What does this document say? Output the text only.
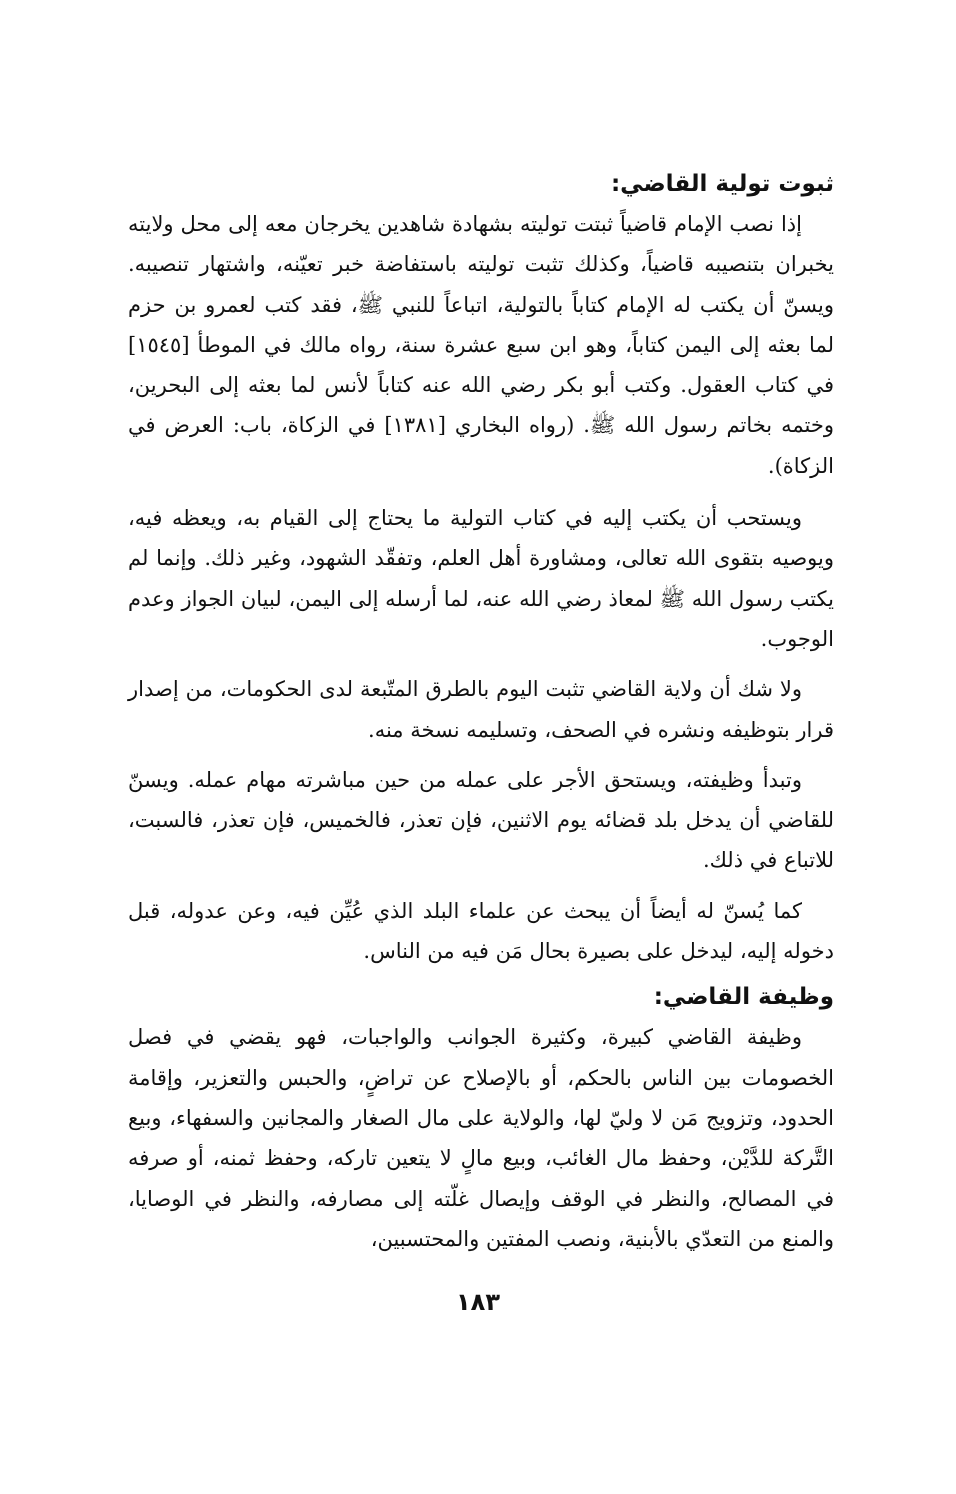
ثبوت تولية القاضي:

إذا نصب الإمام قاضياً ثبتت توليته بشهادة شاهدين يخرجان معه إلى محل ولايته يخبران بتنصيبه قاضياً، وكذلك تثبت توليته باستفاضة خبر تعيّنه، واشتهار تنصيبه. ويسنّ أن يكتب له الإمام كتاباً بالتولية، اتباعاً للنبي ﷺ، فقد كتب لعمرو بن حزم لما بعثه إلى اليمن كتاباً، وهو ابن سبع عشرة سنة، رواه مالك في الموطأ [١٥٤٥] في كتاب العقول. وكتب أبو بكر رضي الله عنه كتاباً لأنس لما بعثه إلى البحرين، وختمه بخاتم رسول الله ﷺ. (رواه البخاري [١٣٨١] في الزكاة، باب: العرض في الزكاة).

ويستحب أن يكتب إليه في كتاب التولية ما يحتاج إلى القيام به، ويعظه فيه، ويوصيه بتقوى الله تعالى، ومشاورة أهل العلم، وتفقّد الشهود، وغير ذلك. وإنما لم يكتب رسول الله ﷺ لمعاذ رضي الله عنه، لما أرسله إلى اليمن، لبيان الجواز وعدم الوجوب.

ولا شك أن ولاية القاضي تثبت اليوم بالطرق المتّبعة لدى الحكومات، من إصدار قرار بتوظيفه ونشره في الصحف، وتسليمه نسخة منه.

وتبدأ وظيفته، ويستحق الأجر على عمله من حين مباشرته مهام عمله. ويسنّ للقاضي أن يدخل بلد قضائه يوم الاثنين، فإن تعذر، فالخميس، فإن تعذر، فالسبت، للاتباع في ذلك.

كما يُسنّ له أيضاً أن يبحث عن علماء البلد الذي عُيِّن فيه، وعن عدوله، قبل دخوله إليه، ليدخل على بصيرة بحال مَن فيه من الناس.

وظيفة القاضي:

وظيفة القاضي كبيرة، وكثيرة الجوانب والواجبات، فهو يقضي في فصل الخصومات بين الناس بالحكم، أو بالإصلاح عن تراضٍ، والحبس والتعزير، وإقامة الحدود، وتزويج مَن لا وليّ لها، والولاية على مال الصغار والمجانين والسفهاء، وبيع التَّركة للدَّيْن، وحفظ مال الغائب، وبيع مالٍ لا يتعين تاركه، وحفظ ثمنه، أو صرفه في المصالح، والنظر في الوقف وإيصال غلّته إلى مصارفه، والنظر في الوصايا، والمنع من التعدّي بالأبنية، ونصب المفتين والمحتسبين،

١٨٣
